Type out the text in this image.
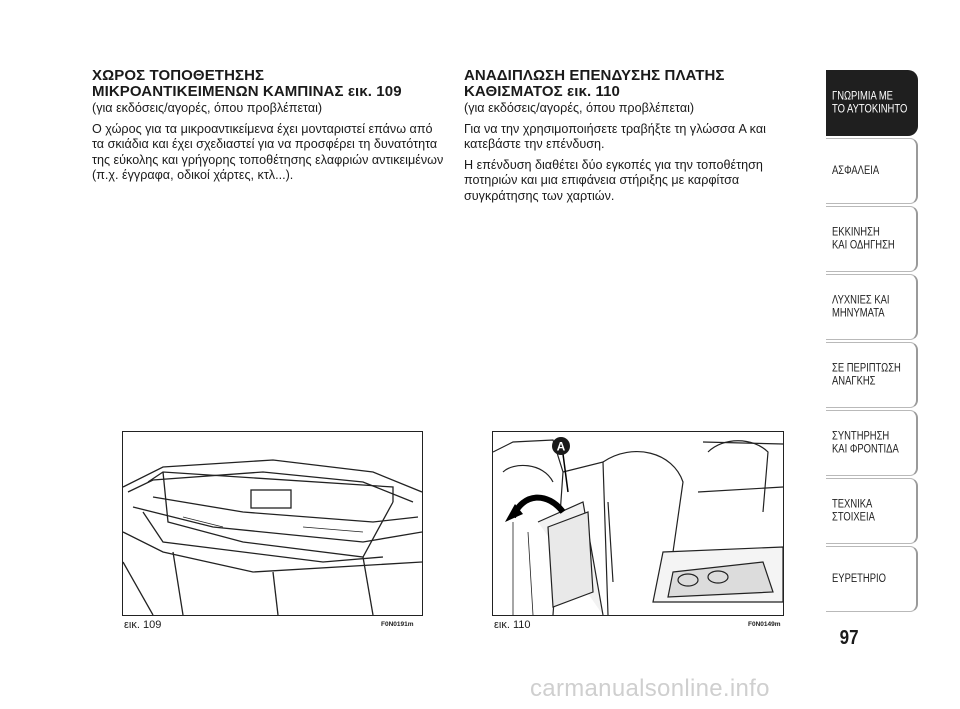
ΧΩΡΟΣ ΤΟΠΟΘΕΤΗΣΗΣ
ΜΙΚΡΟΑΝΤΙΚΕΙΜΕΝΩΝ ΚΑΜΠΙΝΑΣ εικ. 109
(για εκδόσεις/αγορές, όπου προβλέπεται)
Ο χώρος για τα μικροαντικείμενα έχει μονταριστεί επάνω από τα σκιάδια και έχει σχεδιαστεί για να προσφέρει τη δυνατότητα της εύκολης και γρήγορης τοποθέτησης ελαφριών αντικειμένων (π.χ. έγγραφα, οδικοί χάρτες, κτλ...).
ΑΝΑΔΙΠΛΩΣΗ ΕΠΕΝΔΥΣΗΣ ΠΛΑΤΗΣ
ΚΑΘΙΣΜΑΤΟΣ εικ. 110
(για εκδόσεις/αγορές, όπου προβλέπεται)
Για να την χρησιμοποιήσετε τραβήξτε τη γλώσσα A και κατεβάστε την επένδυση.
Η επένδυση διαθέτει δύο εγκοπές για την τοποθέτηση ποτηριών και μια επιφάνεια στήριξης με καρφίτσα συγκράτησης των χαρτιών.
εικ. 109	F0N0191m
A
εικ. 110	F0N0149m
ΓΝΩΡΙΜΙΑ ΜΕ
ΤΟ ΑΥΤΟΚΙΝΗΤΟ
ΑΣΦΑΛΕΙΑ
ΕΚΚΙΝΗΣΗ
ΚΑΙ ΟΔΗΓΗΣΗ
ΛΥΧΝΙΕΣ ΚΑΙ
ΜΗΝΥΜΑΤΑ
ΣΕ ΠΕΡΙΠΤΩΣΗ
ΑΝΑΓΚΗΣ
ΣΥΝΤΗΡΗΣΗ
ΚΑΙ ΦΡΟΝΤΙΔΑ
ΤΕΧΝΙΚΑ
ΣΤΟΙΧΕΙΑ
ΕΥΡΕΤΗΡΙΟ
97
carmanualsonline.info
